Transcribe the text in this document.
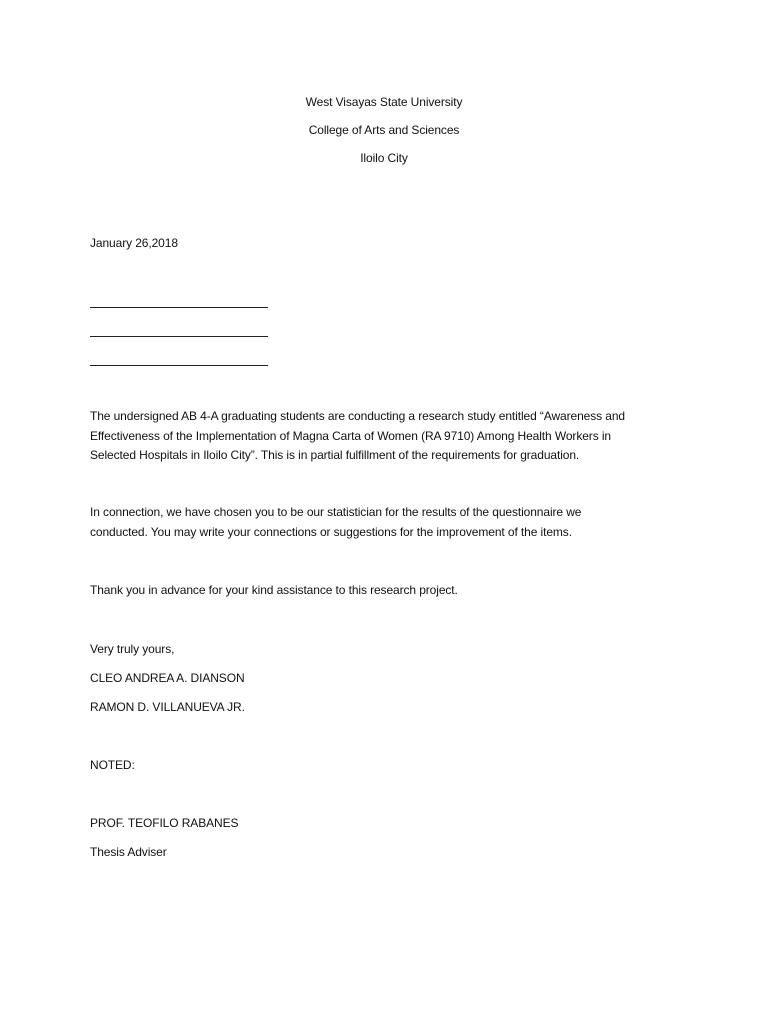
West Visayas State University
College of Arts and Sciences
Iloilo City
January 26,2018
The undersigned AB 4-A graduating students are conducting a research study entitled “Awareness and
Effectiveness of the Implementation of Magna Carta of Women (RA 9710) Among Health Workers in
Selected Hospitals in Iloilo City”. This is in partial fulfillment of the requirements for graduation.
In connection, we have chosen you to be our statistician for the results of the questionnaire we
conducted. You may write your connections or suggestions for the improvement of the items.
Thank you in advance for your kind assistance to this research project.
Very truly yours,
CLEO ANDREA A. DIANSON
RAMON D. VILLANUEVA JR.
NOTED:
PROF. TEOFILO RABANES
Thesis Adviser
